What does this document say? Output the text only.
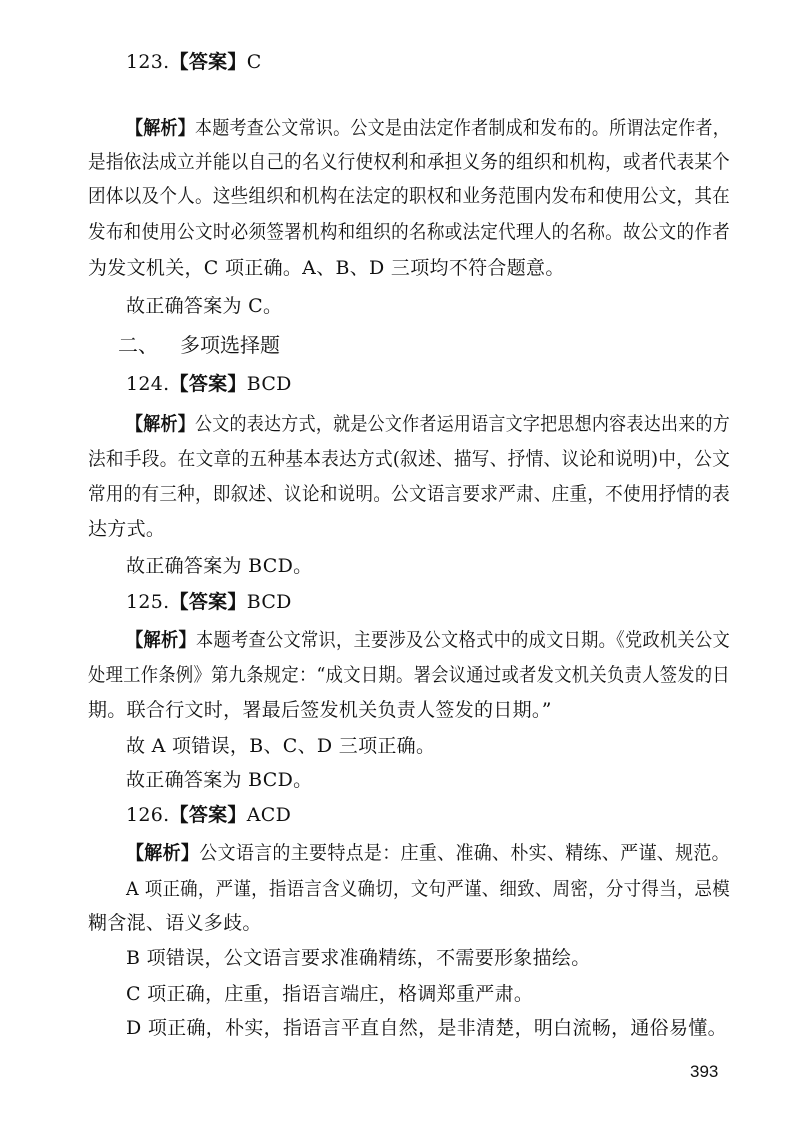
123.【答案】C
【解析】本题考查公文常识。公文是由法定作者制成和发布的。所谓法定作者，
是指依法成立并能以自己的名义行使权利和承担义务的组织和机构，或者代表某个
团体以及个人。这些组织和机构在法定的职权和业务范围内发布和使用公文，其在
发布和使用公文时必须签署机构和组织的名称或法定代理人的名称。故公文的作者
为发文机关，C 项正确。A、B、D 三项均不符合题意。
故正确答案为 C。
二、 多项选择题
124.【答案】BCD
【解析】公文的表达方式，就是公文作者运用语言文字把思想内容表达出来的方
法和手段。在文章的五种基本表达方式(叙述、描写、抒情、议论和说明)中，公文
常用的有三种，即叙述、议论和说明。公文语言要求严肃、庄重，不使用抒情的表
达方式。
故正确答案为 BCD。
125.【答案】BCD
【解析】本题考查公文常识，主要涉及公文格式中的成文日期。《党政机关公文
处理工作条例》第九条规定：“成文日期。署会议通过或者发文机关负责人签发的日
期。联合行文时，署最后签发机关负责人签发的日期。”
故 A 项错误，B、C、D 三项正确。
故正确答案为 BCD。
126.【答案】ACD
【解析】公文语言的主要特点是：庄重、准确、朴实、精练、严谨、规范。
A 项正确，严谨，指语言含义确切，文句严谨、细致、周密，分寸得当，忌模
糊含混、语义多歧。
B 项错误，公文语言要求准确精练，不需要形象描绘。
C 项正确，庄重，指语言端庄，格调郑重严肃。
D 项正确，朴实，指语言平直自然，是非清楚，明白流畅，通俗易懂。
393
